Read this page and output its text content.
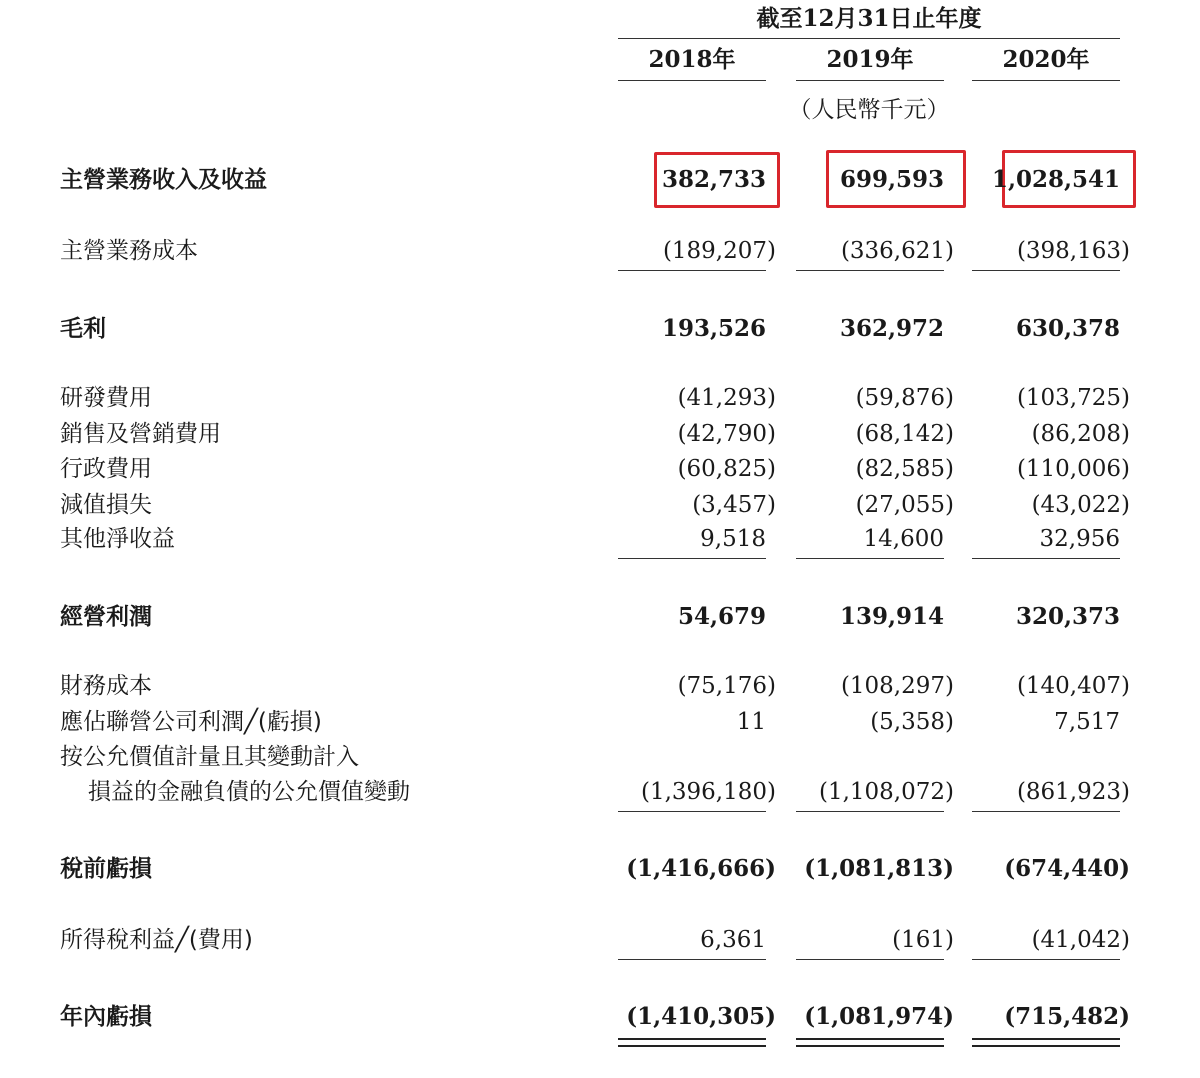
截至12月31日止年度
2018年	2019年	2020年
（人民幣千元）
主營業務收入及收益	382,733	699,593	1,028,541
主營業務成本	(189,207)	(336,621)	(398,163)
毛利	193,526	362,972	630,378
研發費用	(41,293)	(59,876)	(103,725)
銷售及營銷費用	(42,790)	(68,142)	(86,208)
行政費用	(60,825)	(82,585)	(110,006)
減值損失	(3,457)	(27,055)	(43,022)
其他淨收益	9,518	14,600	32,956
經營利潤	54,679	139,914	320,373
財務成本	(75,176)	(108,297)	(140,407)
應佔聯營公司利潤╱(虧損)	11	(5,358)	7,517
按公允價值計量且其變動計入
損益的金融負債的公允價值變動	(1,396,180)	(1,108,072)	(861,923)
稅前虧損	(1,416,666)	(1,081,813)	(674,440)
所得稅利益╱(費用)	6,361	(161)	(41,042)
年內虧損	(1,410,305)	(1,081,974)	(715,482)
